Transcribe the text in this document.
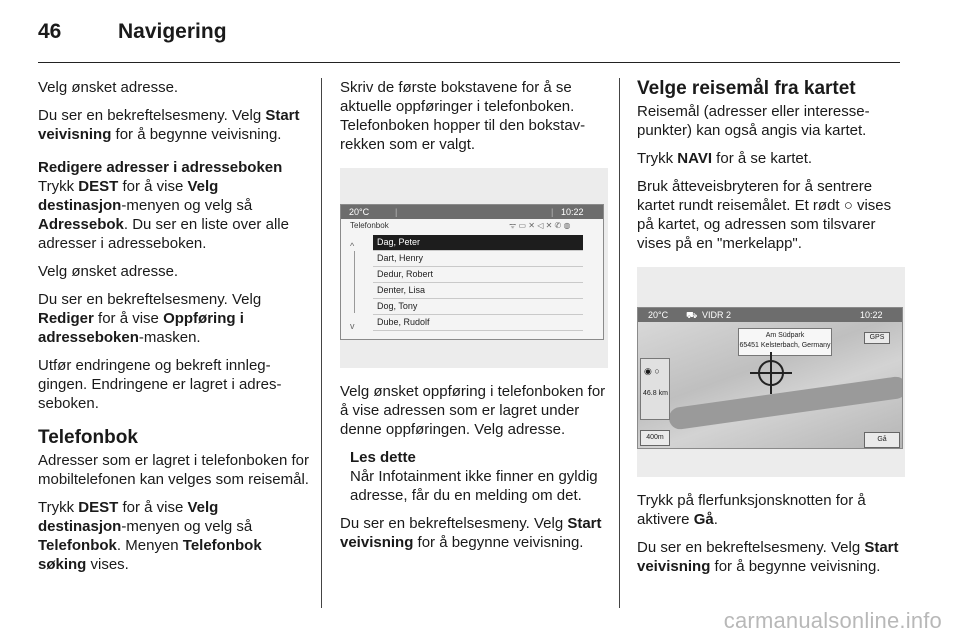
46	Navigering

Velg ønsket adresse.

Du ser en bekreftelsesmeny. Velg Start veivisning for å begynne veivisning.

Redigere adresser i adresseboken

Trykk DEST for å vise Velg destinasjon-menyen og velg så Adressebok. Du ser en liste over alle adresser i adresseboken.

Velg ønsket adresse.

Du ser en bekreftelsesmeny. Velg Rediger for å vise Oppføring i adresseboken-masken.

Utfør endringene og bekreft innleggingen. Endringene er lagret i adresseboken.

Telefonbok

Adresser som er lagret i telefonboken for mobiltelefonen kan velges som reisemål.

Trykk DEST for å vise Velg destinasjon-menyen og velg så Telefonbok. Menyen Telefonbok søking vises.

Skriv de første bokstavene for å se aktuelle oppføringer i telefonboken. Telefonboken hopper til den bokstavrekken som er valgt.

20°C	|	| 10:22
Telefonbok	ᯤ ▭ ✕ ◁ ✕ ✆ ◍
^
v
Dag, Peter
Dart, Henry
Dedur, Robert
Denter, Lisa
Dog, Tony
Dube, Rudolf

Velg ønsket oppføring i telefonboken for å vise adressen som er lagret under denne oppføringen. Velg adresse.

Les dette
Når Infotainment ikke finner en gyldig adresse, får du en melding om det.

Du ser en bekreftelsesmeny. Velg Start veivisning for å begynne veivisning.

Velge reisemål fra kartet

Reisemål (adresser eller interessepunkter) kan også angis via kartet.

Trykk NAVI for å se kartet.

Bruk åtteveisbryteren for å sentrere kartet rundt reisemålet. Et rødt ○ vises på kartet, og adressen som tilsvarer vises på en "merkelapp".

20°C ⛟ VIDR 2	10:22
Am Südpark
65451 Kelsterbach, Germany
GPS
◉ ○
46.8 km
400m	Gå

Trykk på flerfunksjonsknotten for å aktivere Gå.

Du ser en bekreftelsesmeny. Velg Start veivisning for å begynne veivisning.

carmanualsonline.info
